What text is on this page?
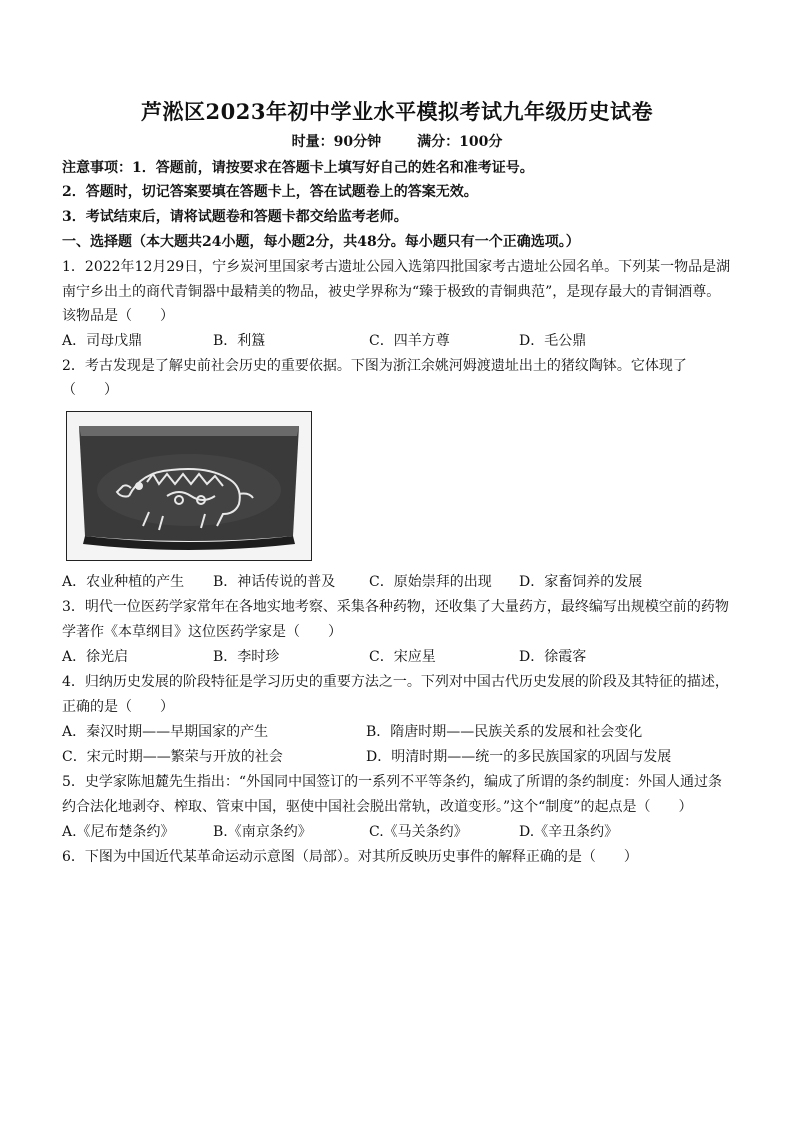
芦淞区2023年初中学业水平模拟考试九年级历史试卷
时量：90分钟	满分：100分
注意事项：1．答题前，请按要求在答题卡上填写好自己的姓名和准考证号。
2．答题时，切记答案要填在答题卡上，答在试题卷上的答案无效。
3．考试结束后，请将试题卷和答题卡都交给监考老师。
一、选择题（本大题共24小题，每小题2分，共48分。每小题只有一个正确选项。）
1．2022年12月29日，宁乡炭河里国家考古遗址公园入选第四批国家考古遗址公园名单。下列某一物品是湖
南宁乡出土的商代青铜器中最精美的物品，被史学界称为“臻于极致的青铜典范”，是现存最大的青铜酒尊。
该物品是（　　）
A．司母戊鼎	B．利簋	C．四羊方尊	D．毛公鼎
2．考古发现是了解史前社会历史的重要依据。下图为浙江余姚河姆渡遗址出土的猪纹陶钵。它体现了
（　　）
A．农业种植的产生 B．神话传说的普及 C．原始崇拜的出现 D．家畜饲养的发展
3．明代一位医药学家常年在各地实地考察、采集各种药物，还收集了大量药方，最终编写出规模空前的药物
学著作《本草纲目》这位医药学家是（　　）
A．徐光启	B．李时珍	C．宋应星	D．徐霞客
4．归纳历史发展的阶段特征是学习历史的重要方法之一。下列对中国古代历史发展的阶段及其特征的描述，
正确的是（　　）
A．秦汉时期——早期国家的产生	B．隋唐时期——民族关系的发展和社会变化
C．宋元时期——繁荣与开放的社会	D．明清时期——统一的多民族国家的巩固与发展
5．史学家陈旭麓先生指出：“外国同中国签订的一系列不平等条约，编成了所谓的条约制度：外国人通过条
约合法化地剥夺、榨取、管束中国，驱使中国社会脱出常轨，改道变形。”这个“制度”的起点是（　　）
A.《尼布楚条约》	B.《南京条约》	C.《马关条约》	D.《辛丑条约》
6．下图为中国近代某革命运动示意图（局部）。对其所反映历史事件的解释正确的是（　　）
